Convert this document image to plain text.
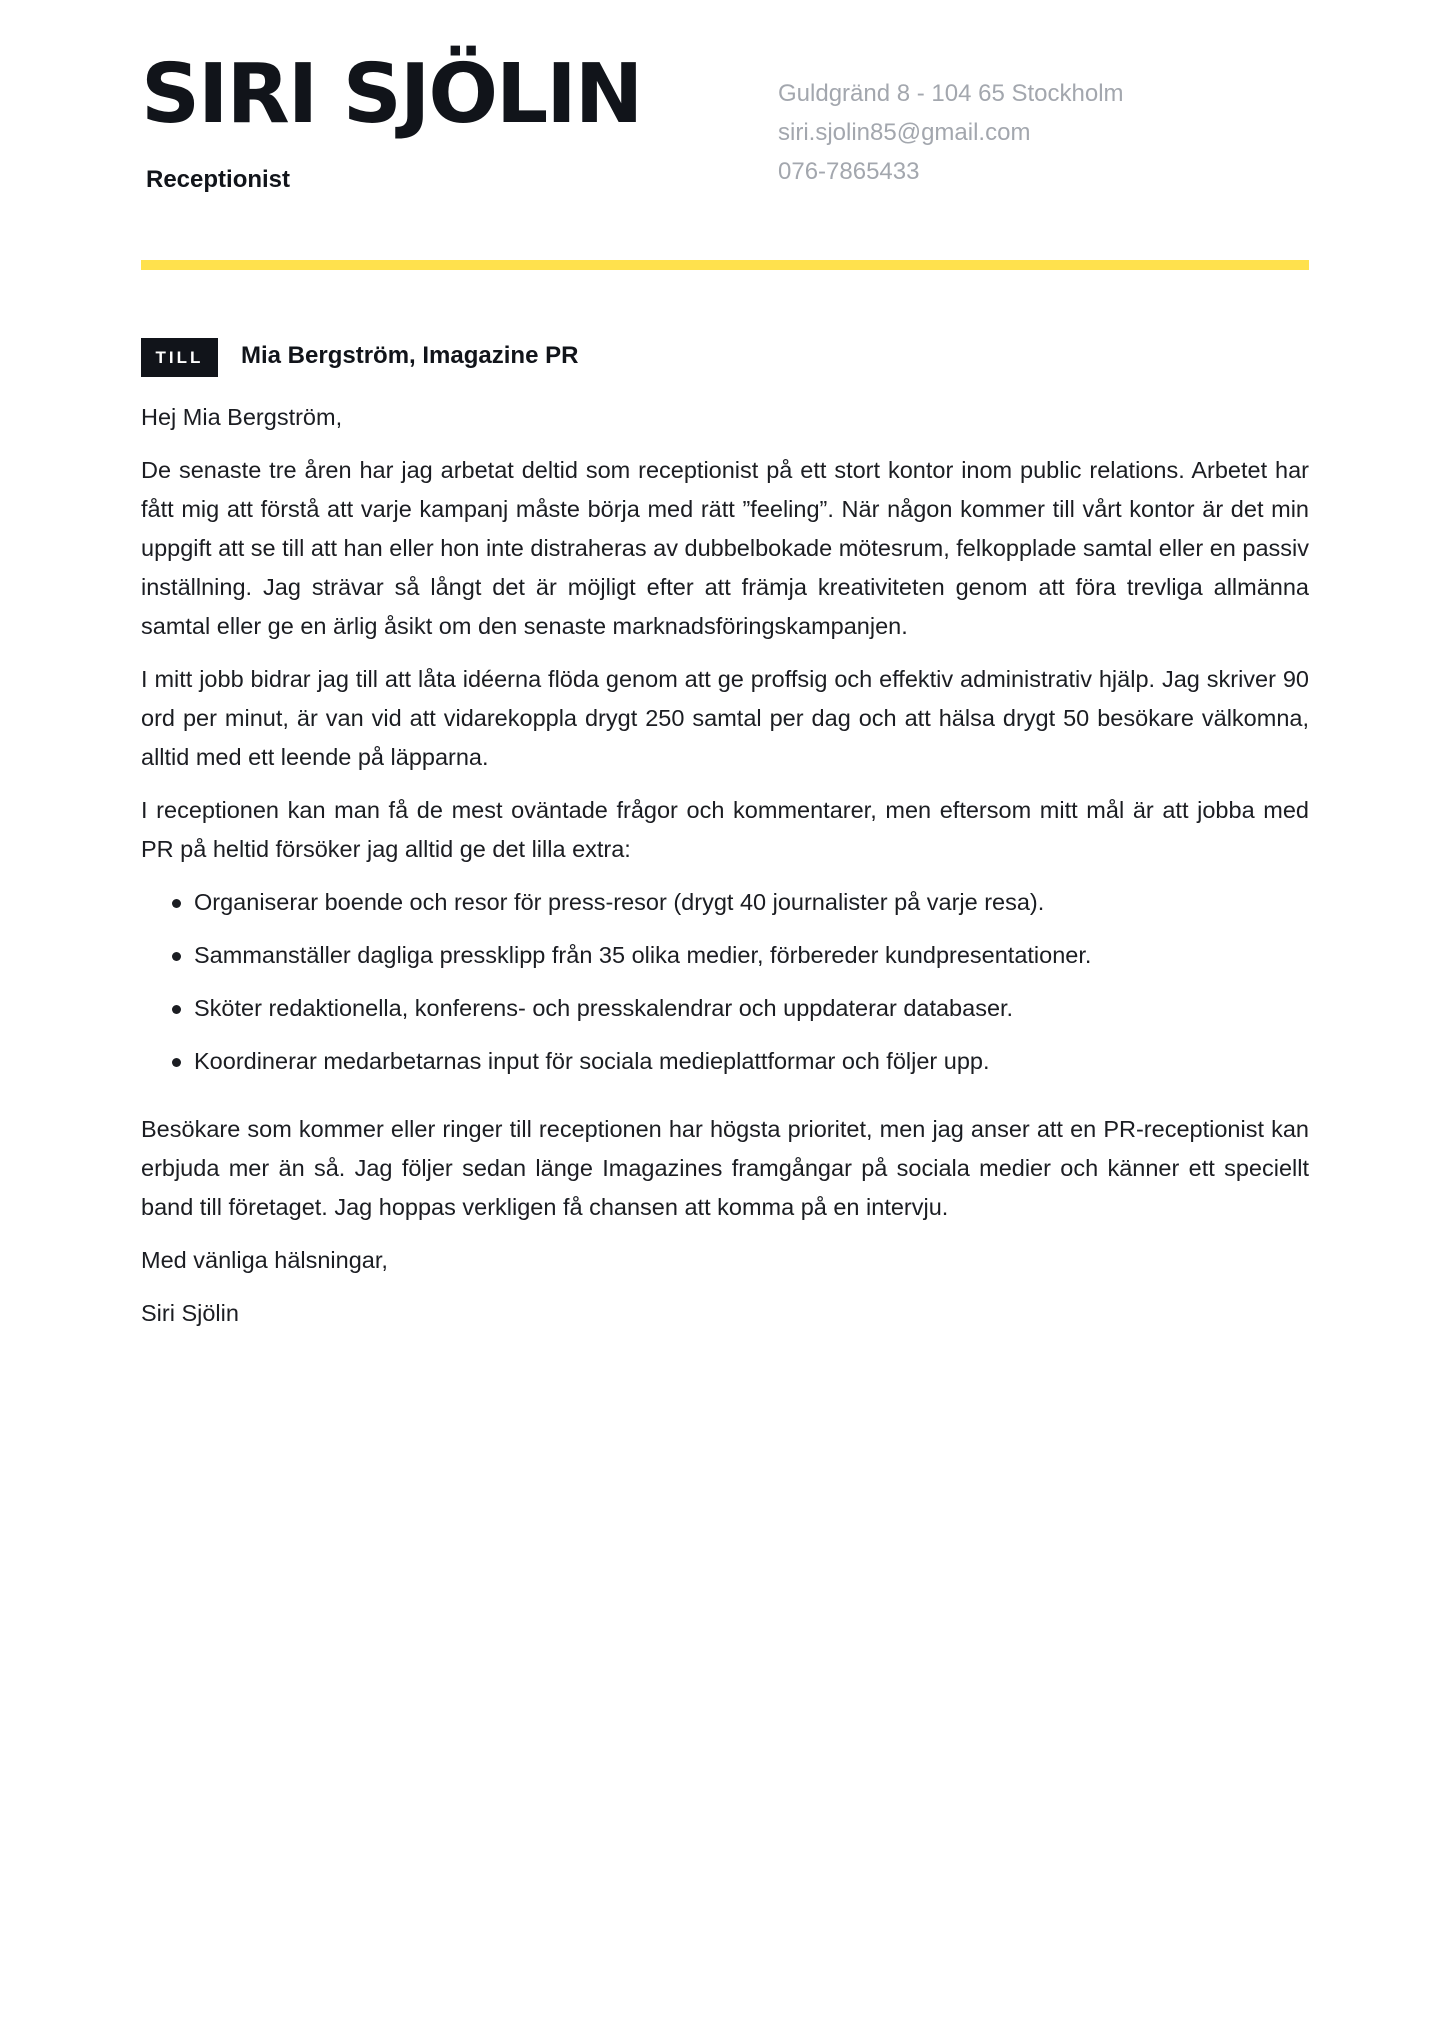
SIRI SJÖLIN
Receptionist
Guldgränd 8 - 104 65 Stockholm
siri.sjolin85@gmail.com
076-7865433
TILL	Mia Bergström, Imagazine PR

Hej Mia Bergström,

De senaste tre åren har jag arbetat deltid som receptionist på ett stort kontor inom public relations. Arbetet har fått mig att förstå att varje kampanj måste börja med rätt ”feeling”. När någon kommer till vårt kontor är det min uppgift att se till att han eller hon inte distraheras av dubbelbokade mötesrum, felkopplade samtal eller en passiv inställning. Jag strävar så långt det är möjligt efter att främja kreativiteten genom att föra trevliga allmänna samtal eller ge en ärlig åsikt om den senaste marknadsföringskampanjen.

I mitt jobb bidrar jag till att låta idéerna flöda genom att ge proffsig och effektiv administrativ hjälp. Jag skriver 90 ord per minut, är van vid att vidarekoppla drygt 250 samtal per dag och att hälsa drygt 50 besökare välkomna, alltid med ett leende på läpparna.

I receptionen kan man få de mest oväntade frågor och kommentarer, men eftersom mitt mål är att jobba med PR på heltid försöker jag alltid ge det lilla extra:

Organiserar boende och resor för press-resor (drygt 40 journalister på varje resa).
Sammanställer dagliga pressklipp från 35 olika medier, förbereder kundpresentationer.
Sköter redaktionella, konferens- och presskalendrar och uppdaterar databaser.
Koordinerar medarbetarnas input för sociala medieplattformar och följer upp.

Besökare som kommer eller ringer till receptionen har högsta prioritet, men jag anser att en PR-receptionist kan erbjuda mer än så. Jag följer sedan länge Imagazines framgångar på sociala medier och känner ett speciellt band till företaget. Jag hoppas verkligen få chansen att komma på en intervju.

Med vänliga hälsningar,

Siri Sjölin
